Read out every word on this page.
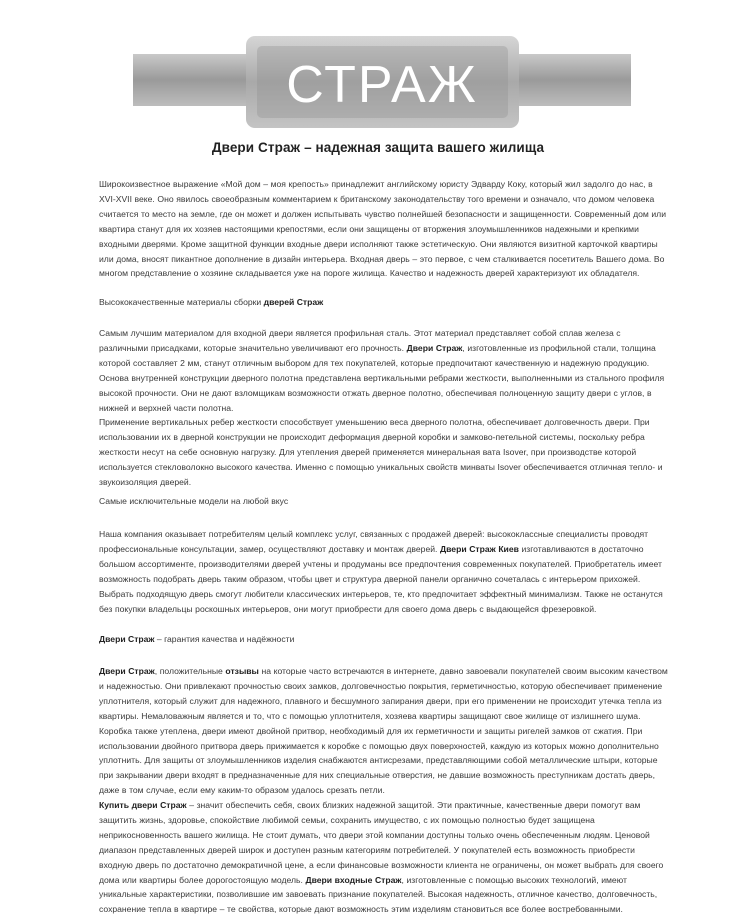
СТРАЖ
Двери Страж – надежная защита вашего жилища

Широкоизвестное выражение «Мой дом – моя крепость» принадлежит английскому юристу Эдварду Коку, который жил задолго до нас, в XVI-XVII веке. Оно явилось своеобразным комментарием к британскому законодательству того времени и означало, что домом человека считается то место на земле, где он может и должен испытывать чувство полнейшей безопасности и защищенности. Современный дом или квартира станут для их хозяев настоящими крепостями, если они защищены от вторжения злоумышленников надежными и крепкими входными дверями. Кроме защитной функции входные двери исполняют также эстетическую. Они являются визитной карточкой квартиры или дома, вносят пикантное дополнение в дизайн интерьера. Входная дверь – это первое, с чем сталкивается посетитель Вашего дома. Во многом представление о хозяине складывается уже на пороге жилища. Качество и надежность дверей характеризуют их обладателя.

Высококачественные материалы сборки дверей Страж

Самым лучшим материалом для входной двери является профильная сталь. Этот материал представляет собой сплав железа с различными присадками, которые значительно увеличивают его прочность. Двери Страж, изготовленные из профильной стали, толщина которой составляет 2 мм, станут отличным выбором для тех покупателей, которые предпочитают качественную и надежную продукцию. Основа внутренней конструкции дверного полотна представлена вертикальными ребрами жесткости, выполненными из стального профиля высокой прочности. Они не дают взломщикам возможности отжать дверное полотно, обеспечивая полноценную защиту двери с углов, в нижней и верхней части полотна.

Применение вертикальных ребер жесткости способствует уменьшению веса дверного полотна, обеспечивает долговечность двери. При использовании их в дверной конструкции не происходит деформация дверной коробки и замково-петельной системы, поскольку ребра жесткости несут на себе основную нагрузку. Для утепления дверей применяется минеральная вата Isover, при производстве которой используется стекловолокно высокого качества. Именно с помощью уникальных свойств минваты Isover обеспечивается отличная тепло- и звукоизоляция дверей.

Самые исключительные модели на любой вкус

Наша компания оказывает потребителям целый комплекс услуг, связанных с продажей дверей: высококлассные специалисты проводят профессиональные консультации, замер, осуществляют доставку и монтаж дверей. Двери Страж Киев изготавливаются в достаточно большом ассортименте, производителями дверей учтены и продуманы все предпочтения современных покупателей. Приобретатель имеет возможность подобрать дверь таким образом, чтобы цвет и структура дверной панели органично сочеталась с интерьером прихожей. Выбрать подходящую дверь смогут любители классических интерьеров, те, кто предпочитает эффектный минимализм. Также не останутся без покупки владельцы роскошных интерьеров, они могут приобрести для своего дома дверь с выдающейся фрезеровкой.

Двери Страж – гарантия качества и надёжности

Двери Страж, положительные отзывы на которые часто встречаются в интернете, давно завоевали покупателей своим высоким качеством и надежностью. Они привлекают прочностью своих замков, долговечностью покрытия, герметичностью, которую обеспечивает применение уплотнителя, который служит для надежного, плавного и бесшумного запирания двери, при его применении не происходит утечка тепла из квартиры. Немаловажным является и то, что с помощью уплотнителя, хозяева квартиры защищают свое жилище от излишнего шума. Коробка также утеплена, двери имеют двойной притвор, необходимый для их герметичности и защиты ригелей замков от сжатия. При использовании двойного притвора дверь прижимается к коробке с помощью двух поверхностей, каждую из которых можно дополнительно уплотнить. Для защиты от злоумышленников изделия снабжаются антисрезами, представляющими собой металлические штыри, которые при закрывании двери входят в предназначенные для них специальные отверстия, не давшие возможность преступникам достать дверь, даже в том случае, если ему каким-то образом удалось срезать петли.

Купить двери Страж – значит обеспечить себя, своих близких надежной защитой. Эти практичные, качественные двери помогут вам защитить жизнь, здоровье, спокойствие любимой семьи, сохранить имущество, с их помощью полностью будет защищена неприкосновенность вашего жилища. Не стоит думать, что двери этой компании доступны только очень обеспеченным людям. Ценовой диапазон представленных дверей широк и доступен разным категориям потребителей. У покупателей есть возможность приобрести входную дверь по достаточно демократичной цене, а если финансовые возможности клиента не ограничены, он может выбрать для своего дома или квартиры более дорогостоящую модель. Двери входные Страж, изготовленные с помощью высоких технологий, имеют уникальные характеристики, позволившие им завоевать признание покупателей. Высокая надежность, отличное качество, долговечность, сохранение тепла в квартире – те свойства, которые дают возможность этим изделиям становиться все более востребованными.
